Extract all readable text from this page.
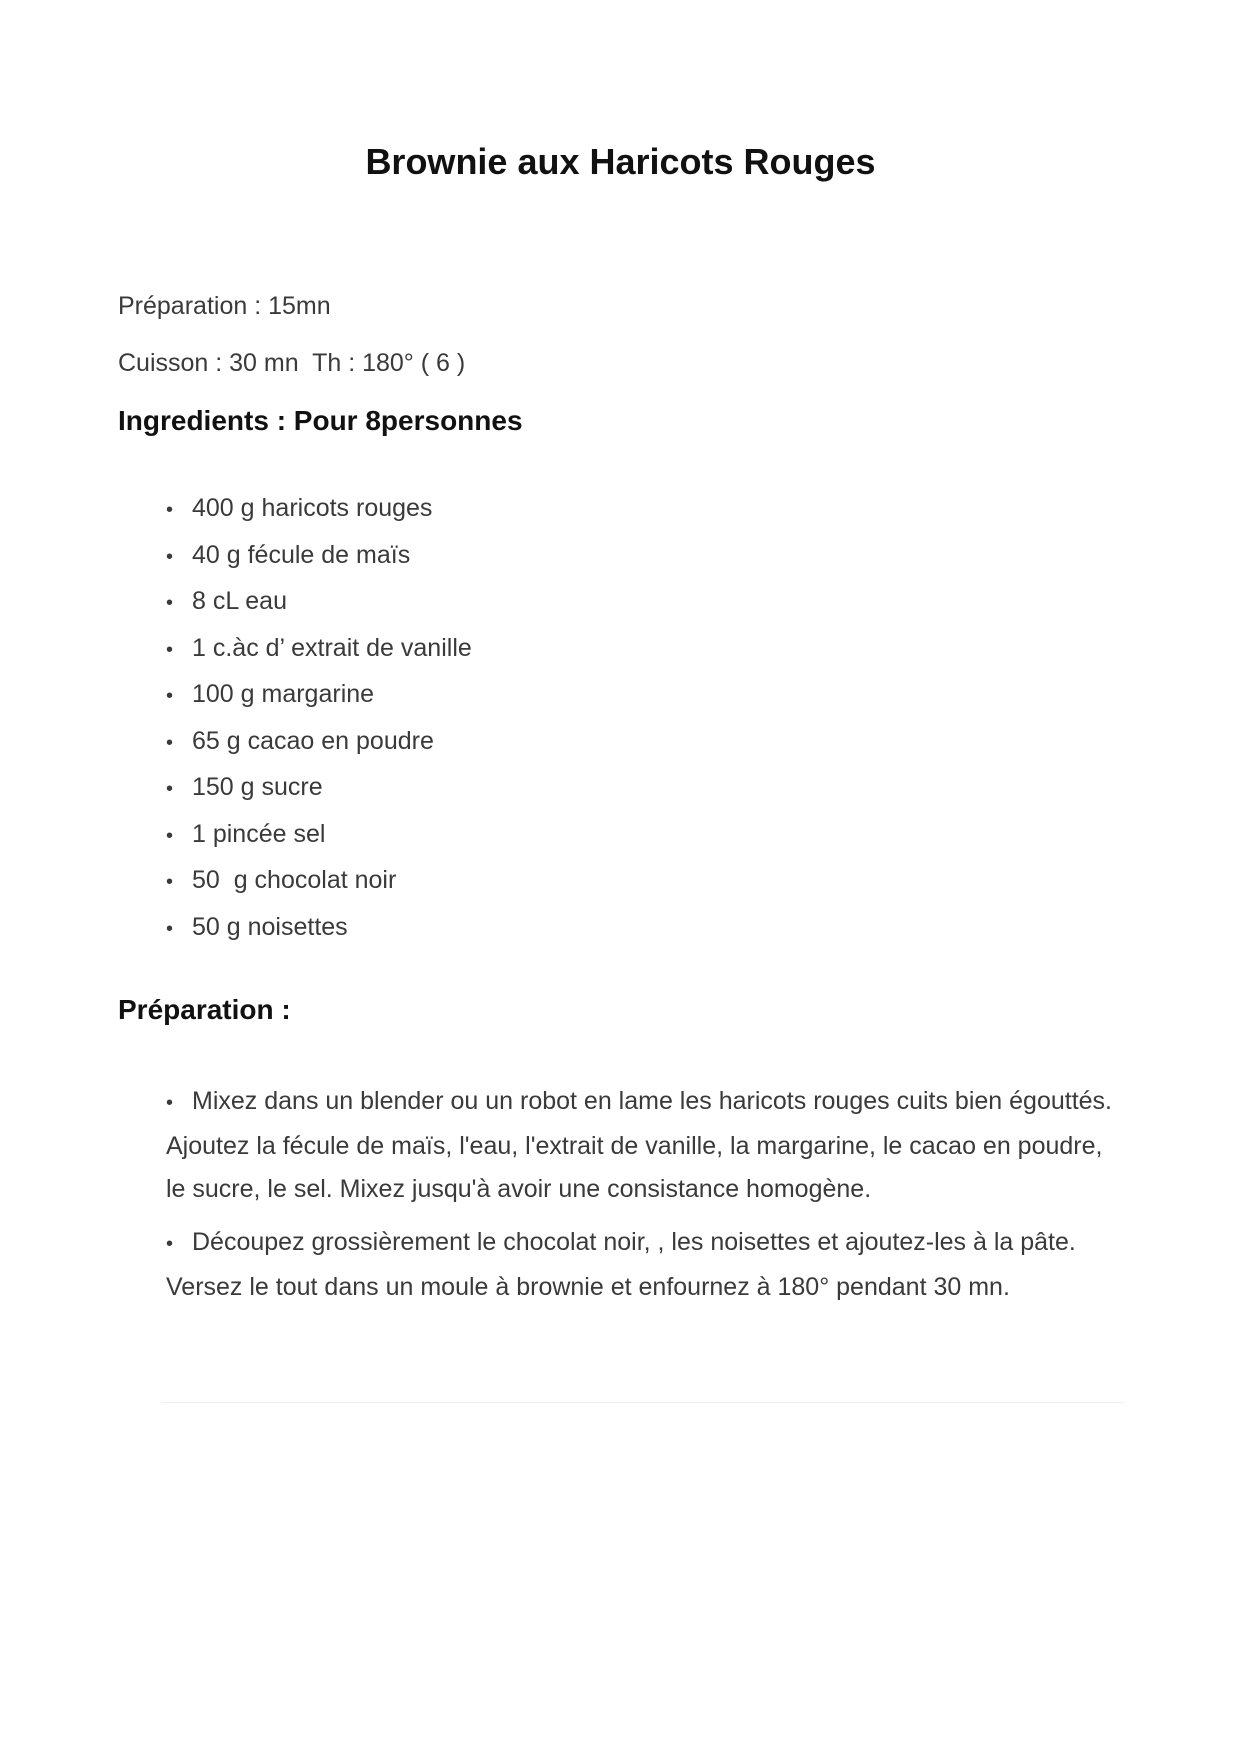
Brownie aux Haricots Rouges

Préparation : 15mn

Cuisson : 30 mn  Th : 180° ( 6 )

Ingredients : Pour 8personnes
• 400 g haricots rouges
• 40 g fécule de maïs
• 8 cL eau
• 1 c.àc d’ extrait de vanille
• 100 g margarine
• 65 g cacao en poudre
• 150 g sucre
• 1 pincée sel
• 50  g chocolat noir
• 50 g noisettes
Préparation :
• Mixez dans un blender ou un robot en lame les haricots rouges cuits bien égouttés. Ajoutez la fécule de maïs, l'eau, l'extrait de vanille, la margarine, le cacao en poudre, le sucre, le sel. Mixez jusqu'à avoir une consistance homogène.
• Découpez grossièrement le chocolat noir, , les noisettes et ajoutez-les à la pâte. Versez le tout dans un moule à brownie et enfournez à 180° pendant 30 mn.
